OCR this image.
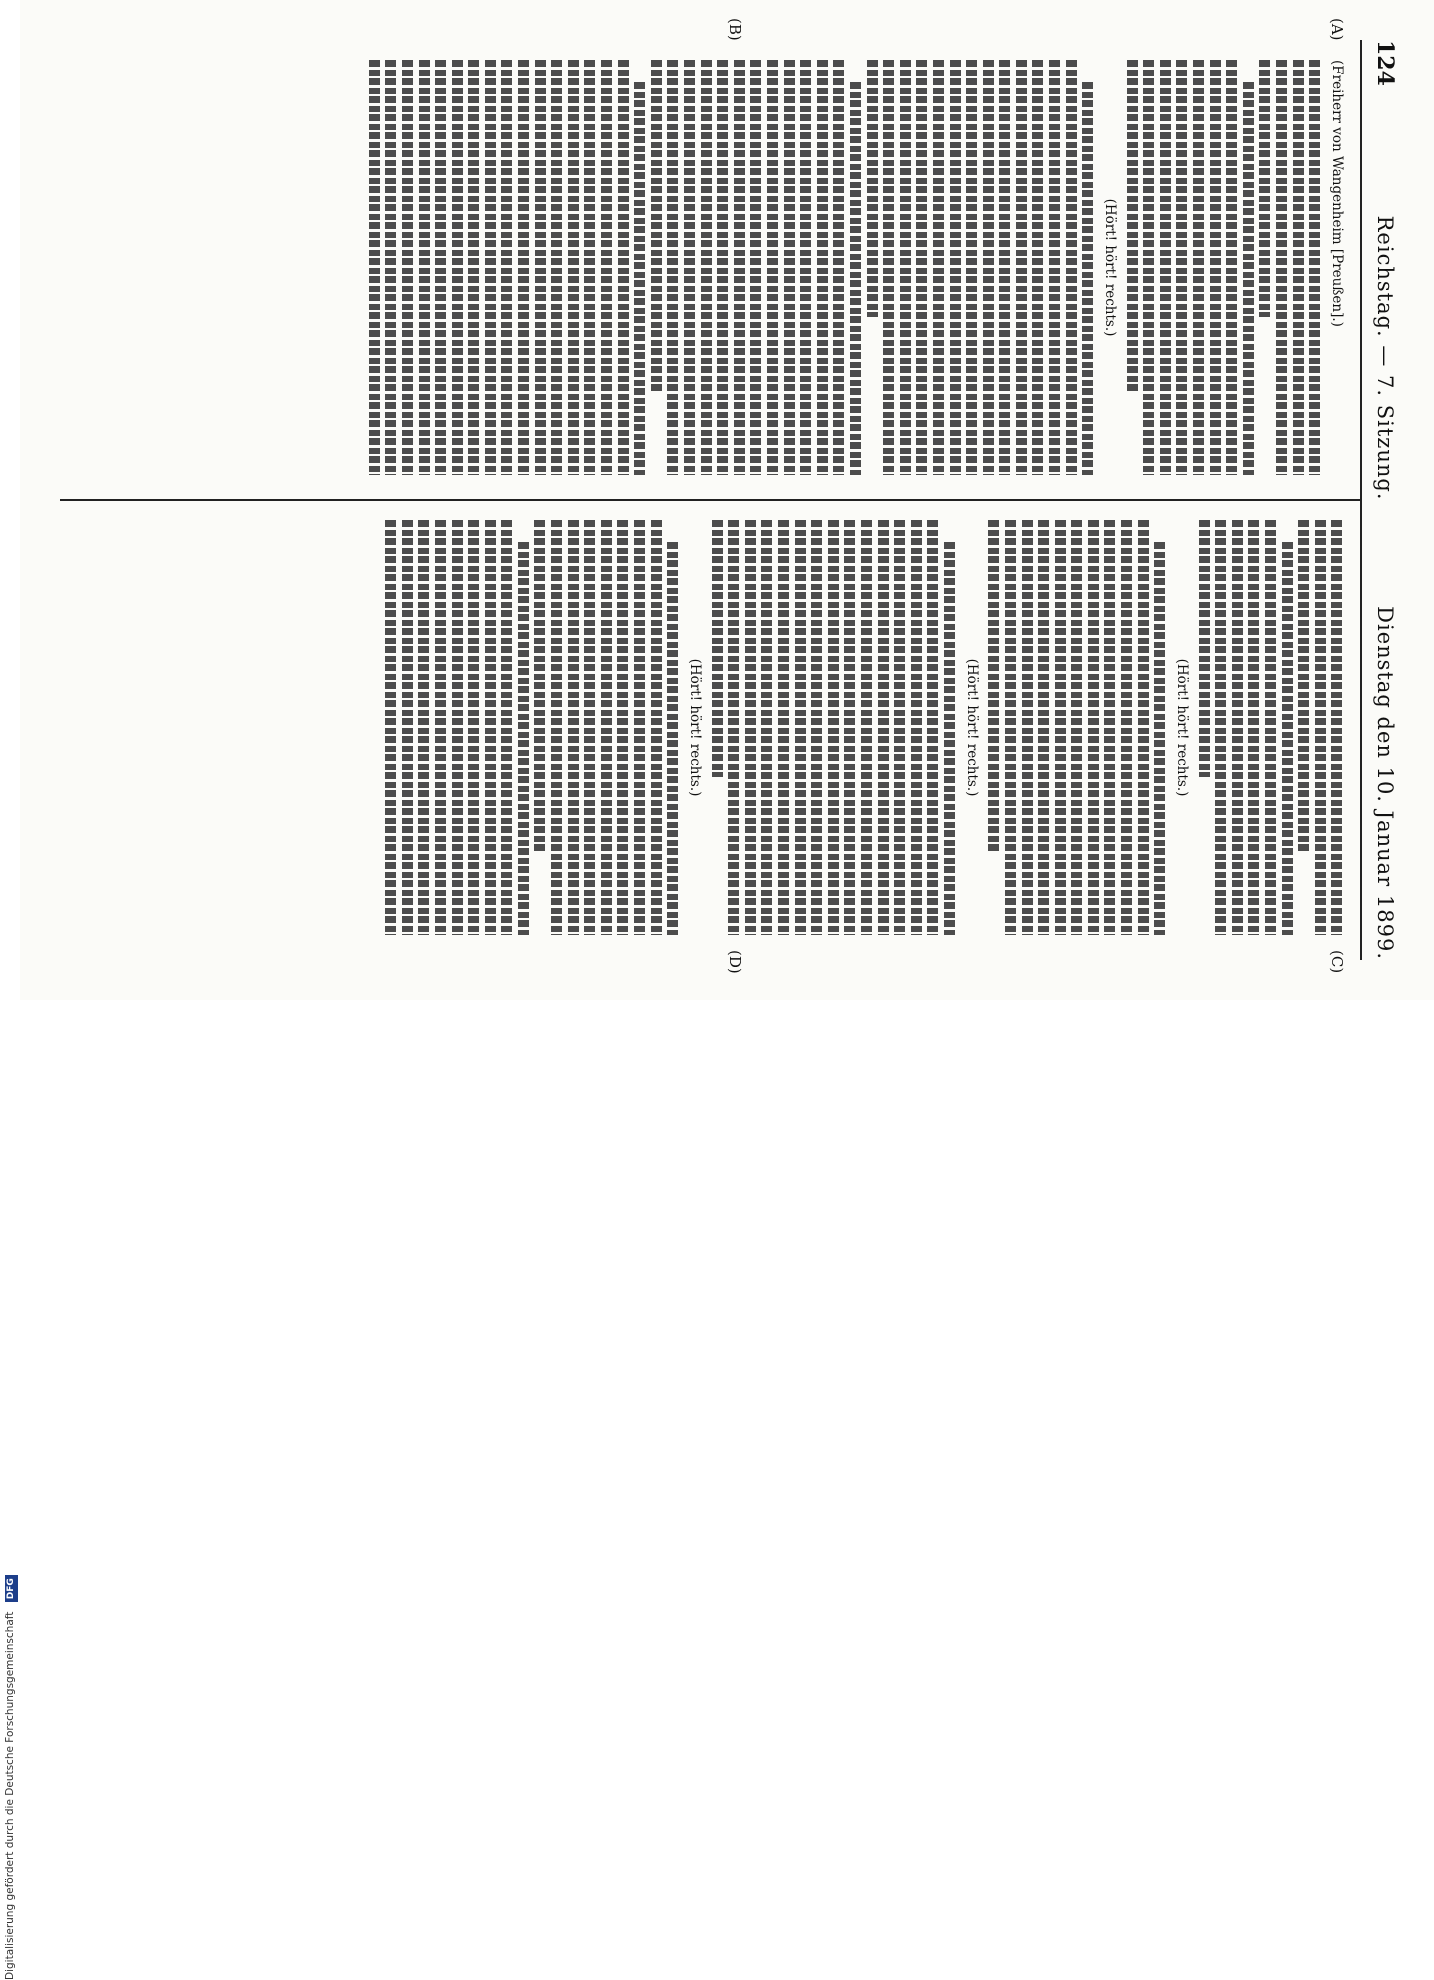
124
Reichstag. — 7. Sitzung.
Dienstag den 10. Januar 1899.
(A)
(B)
(C)
(D)
(Freiherr von Wangenheim [Preußen].)
(Hört! hört! rechts.)
(Hört! hört! rechts.)
(Hört! hört! rechts.)
(Hört! hört! rechts.)
Digitalisierung gefördert durch die Deutsche Forschungsgemeinschaft DFG
